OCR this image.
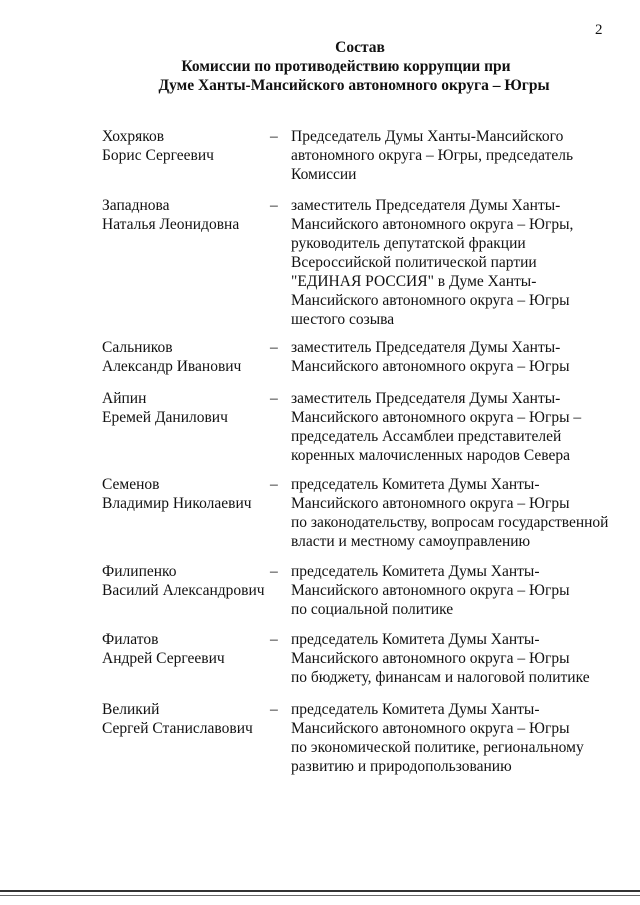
2
Состав
Комиссии по противодействию коррупции при
Думе Ханты-Мансийского автономного округа – Югры
Хохряков
Борис Сергеевич
– Председатель Думы Ханты-Мансийского
автономного округа – Югры, председатель
Комиссии
Западнова
Наталья Леонидовна
– заместитель Председателя Думы Ханты-
Мансийского автономного округа – Югры,
руководитель депутатской фракции
Всероссийской политической партии
"ЕДИНАЯ РОССИЯ" в Думе Ханты-
Мансийского автономного округа – Югры
шестого созыва
Сальников
Александр Иванович
– заместитель Председателя Думы Ханты-
Мансийского автономного округа – Югры
Айпин
Еремей Данилович
– заместитель Председателя Думы Ханты-
Мансийского автономного округа – Югры –
председатель Ассамблеи представителей
коренных малочисленных народов Севера
Семенов
Владимир Николаевич
– председатель Комитета Думы Ханты-
Мансийского автономного округа – Югры
по законодательству, вопросам государственной
власти и местному самоуправлению
Филипенко
Василий Александрович
– председатель Комитета Думы Ханты-
Мансийского автономного округа – Югры
по социальной политике
Филатов
Андрей Сергеевич
– председатель Комитета Думы Ханты-
Мансийского автономного округа – Югры
по бюджету, финансам и налоговой политике
Великий
Сергей Станиславович
– председатель Комитета Думы Ханты-
Мансийского автономного округа – Югры
по экономической политике, региональному
развитию и природопользованию
